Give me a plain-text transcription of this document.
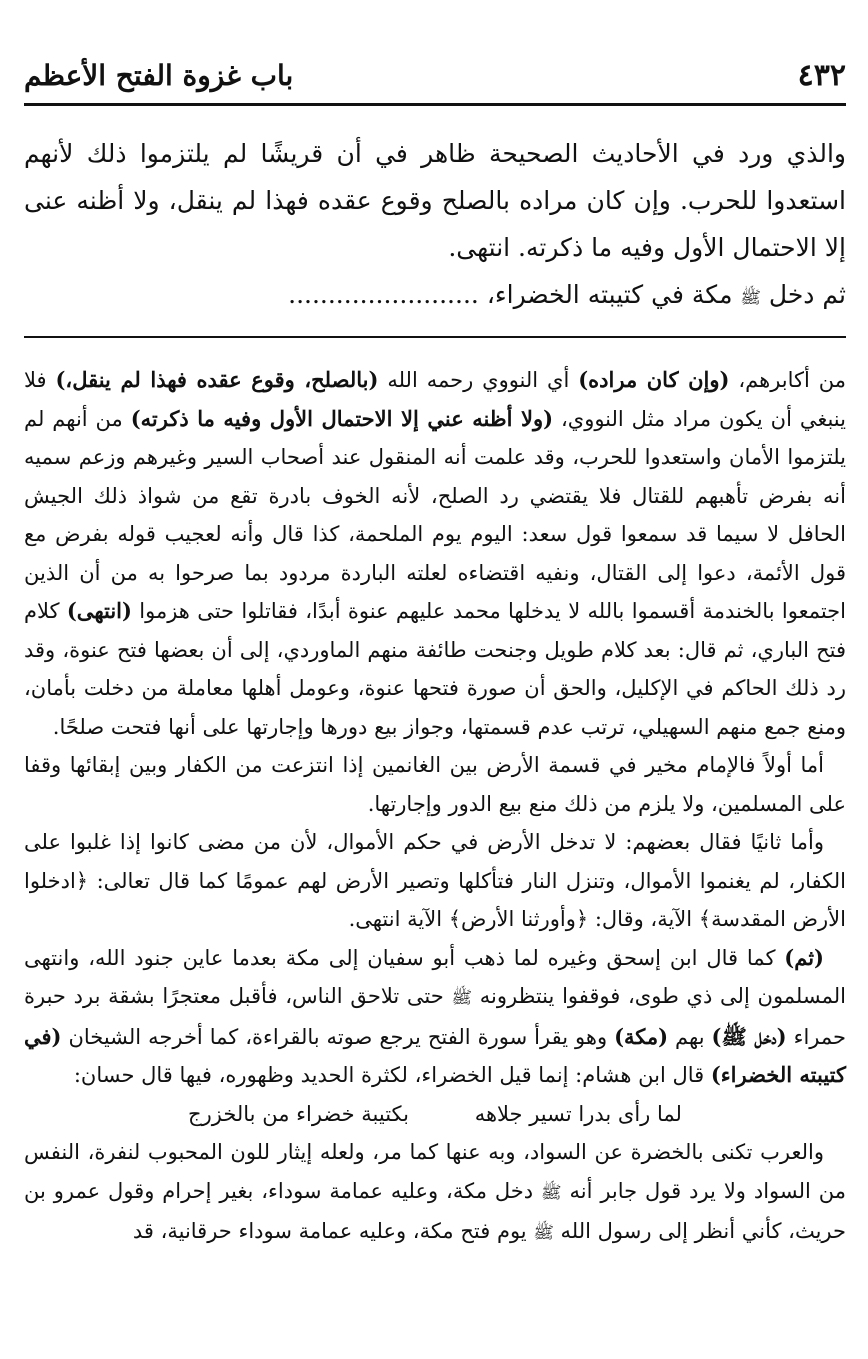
٤٣٢
باب غزوة الفتح الأعظم

والذي ورد في الأحاديث الصحيحة ظاهر في أن قريشًا لم يلتزموا ذلك لأنهم استعدوا للحرب. وإن كان مراده بالصلح وقوع عقده فهذا لم ينقل، ولا أظنه عنى إلا الاحتمال الأول وفيه ما ذكرته. انتهى.

ثم دخل ﷺ مكة في كتيبته الخضراء، ........................

من أكابرهم، (وإن كان مراده) أي النووي رحمه الله (بالصلح، وقوع عقده فهذا لم ينقل،) فلا ينبغي أن يكون مراد مثل النووي، (ولا أظنه عني إلا الاحتمال الأول وفيه ما ذكرته) من أنهم لم يلتزموا الأمان واستعدوا للحرب، وقد علمت أنه المنقول عند أصحاب السير وغيرهم وزعم سميه أنه بفرض تأهبهم للقتال فلا يقتضي رد الصلح، لأنه الخوف بادرة تقع من شواذ ذلك الجيش الحافل لا سيما قد سمعوا قول سعد: اليوم يوم الملحمة، كذا قال وأنه لعجيب قوله بفرض مع قول الأئمة، دعوا إلى القتال، ونفيه اقتضاءه لعلته الباردة مردود بما صرحوا به من أن الذين اجتمعوا بالخندمة أقسموا بالله لا يدخلها محمد عليهم عنوة أبدًا، فقاتلوا حتى هزموا (انتهى) كلام فتح الباري، ثم قال: بعد كلام طويل وجنحت طائفة منهم الماوردي، إلى أن بعضها فتح عنوة، وقد رد ذلك الحاكم في الإكليل، والحق أن صورة فتحها عنوة، وعومل أهلها معاملة من دخلت بأمان، ومنع جمع منهم السهيلي، ترتب عدم قسمتها، وجواز بيع دورها وإجارتها على أنها فتحت صلحًا.

أما أولاً فالإمام مخير في قسمة الأرض بين الغانمين إذا انتزعت من الكفار وبين إبقائها وقفا على المسلمين، ولا يلزم من ذلك منع بيع الدور وإجارتها.

وأما ثانيًا فقال بعضهم: لا تدخل الأرض في حكم الأموال، لأن من مضى كانوا إذا غلبوا على الكفار، لم يغنموا الأموال، وتنزل النار فتأكلها وتصير الأرض لهم عمومًا كما قال تعالى: ﴿ادخلوا الأرض المقدسة﴾ الآية، وقال: ﴿وأورثنا الأرض﴾ الآية انتهى.

(ثم) كما قال ابن إسحق وغيره لما ذهب أبو سفيان إلى مكة بعدما عاين جنود الله، وانتهى المسلمون إلى ذي طوى، فوقفوا ينتظرونه ﷺ حتى تلاحق الناس، فأقبل معتجرًا بشقة برد حبرة حمراء (دخل ﷺ) بهم (مكة) وهو يقرأ سورة الفتح يرجع صوته بالقراءة، كما أخرجه الشيخان (في كتيبته الخضراء) قال ابن هشام: إنما قيل الخضراء، لكثرة الحديد وظهوره، فيها قال حسان:

لما رأى بدرا تسير جلاهه بكتيبة خضراء من بالخزرج

والعرب تكنى بالخضرة عن السواد، وبه عنها كما مر، ولعله إيثار للون المحبوب لنفرة، النفس من السواد ولا يرد قول جابر أنه ﷺ دخل مكة، وعليه عمامة سوداء، بغير إحرام وقول عمرو بن حريث، كأني أنظر إلى رسول الله ﷺ يوم فتح مكة، وعليه عمامة سوداء حرقانية، قد
